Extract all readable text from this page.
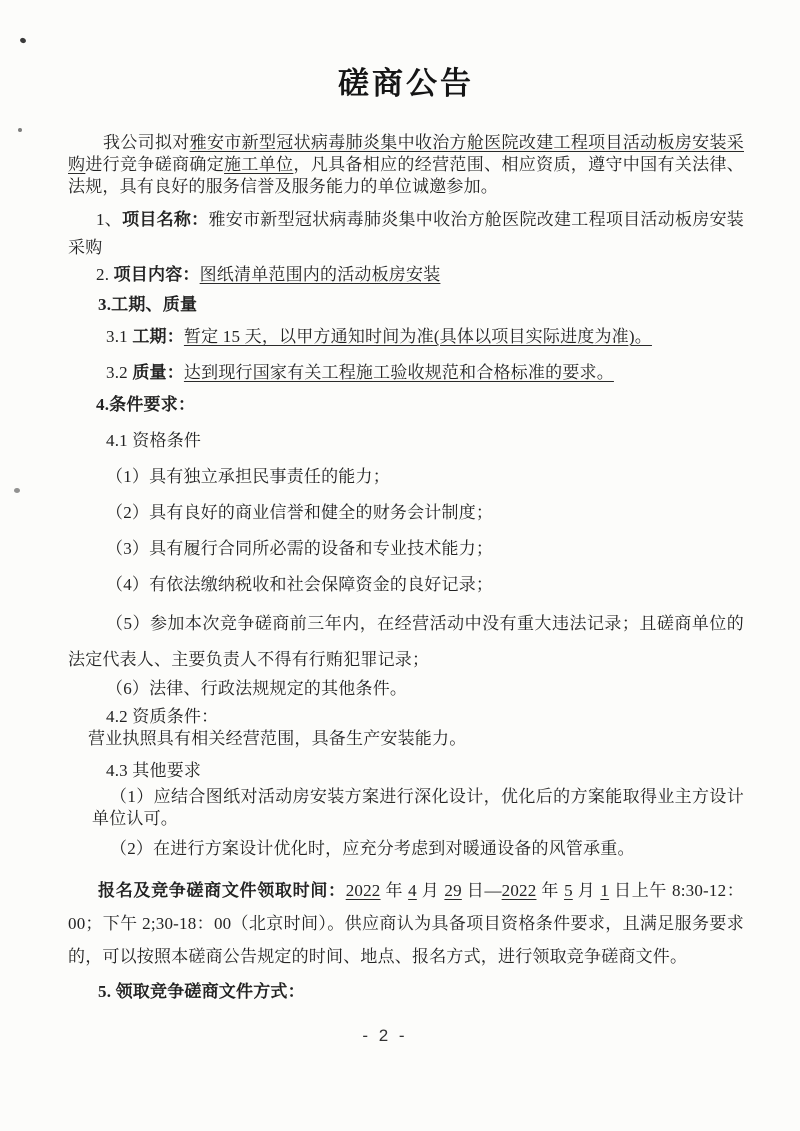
磋商公告

我公司拟对雅安市新型冠状病毒肺炎集中收治方舱医院改建工程项目活动板房安装采购进行竞争磋商确定施工单位，凡具备相应的经营范围、相应资质，遵守中国有关法律、法规，具有良好的服务信誉及服务能力的单位诚邀参加。

1、项目名称：雅安市新型冠状病毒肺炎集中收治方舱医院改建工程项目活动板房安装采购

2. 项目内容：图纸清单范围内的活动板房安装

3.工期、质量

3.1 工期：暂定 15 天，以甲方通知时间为准(具体以项目实际进度为准)。

3.2 质量：达到现行国家有关工程施工验收规范和合格标准的要求。

4.条件要求：

4.1 资格条件

（1）具有独立承担民事责任的能力；

（2）具有良好的商业信誉和健全的财务会计制度；

（3）具有履行合同所必需的设备和专业技术能力；

（4）有依法缴纳税收和社会保障资金的良好记录；

（5）参加本次竞争磋商前三年内，在经营活动中没有重大违法记录；且磋商单位的法定代表人、主要负责人不得有行贿犯罪记录；

（6）法律、行政法规规定的其他条件。

4.2 资质条件：

营业执照具有相关经营范围，具备生产安装能力。

4.3 其他要求

（1）应结合图纸对活动房安装方案进行深化设计，优化后的方案能取得业主方设计单位认可。

（2）在进行方案设计优化时，应充分考虑到对暖通设备的风管承重。

报名及竞争磋商文件领取时间：2022 年 4 月 29 日—2022 年 5 月 1 日上午 8:30-12：00；下午 2;30-18：00（北京时间）。供应商认为具备项目资格条件要求，且满足服务要求的，可以按照本磋商公告规定的时间、地点、报名方式，进行领取竞争磋商文件。

5. 领取竞争磋商文件方式：

- 2 -
